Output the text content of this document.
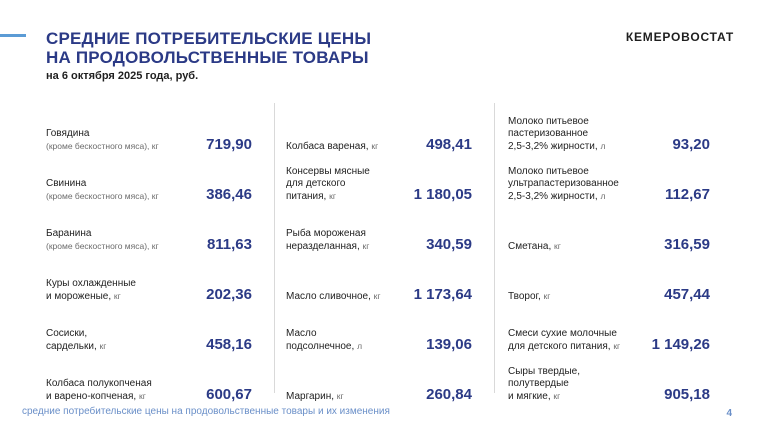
СРЕДНИЕ ПОТРЕБИТЕЛЬСКИЕ ЦЕНЫ
НА ПРОДОВОЛЬСТВЕННЫЕ ТОВАРЫ
на 6 октября 2025 года, руб.
КЕМЕРОВОСТАТ
Говядина
(кроме бескостного мяса), кг	719,90
Свинина
(кроме бескостного мяса), кг	386,46
Баранина
(кроме бескостного мяса), кг	811,63
Куры охлажденные
и мороженые, кг	202,36
Сосиски,
сардельки, кг	458,16
Колбаса полукопченая
и варено-копченая, кг	600,67
Колбаса вареная, кг	498,41
Консервы мясные
для детского
питания, кг	1 180,05
Рыба мороженая
неразделанная, кг	340,59
Масло сливочное, кг 1 173,64
Масло
подсолнечное, л	139,06
Маргарин, кг	260,84
Молоко питьевое
пастеризованное
2,5-3,2% жирности, л	93,20
Молоко питьевое
ультрапастеризованное
2,5-3,2% жирности, л	112,67
Сметана, кг	316,59
Творог, кг	457,44
Смеси сухие молочные
для детского питания, кг 1 149,26
Сыры твердые,
полутвердые
и мягкие, кг	905,18
средние потребительские цены на продовольственные товары и их изменения	4
